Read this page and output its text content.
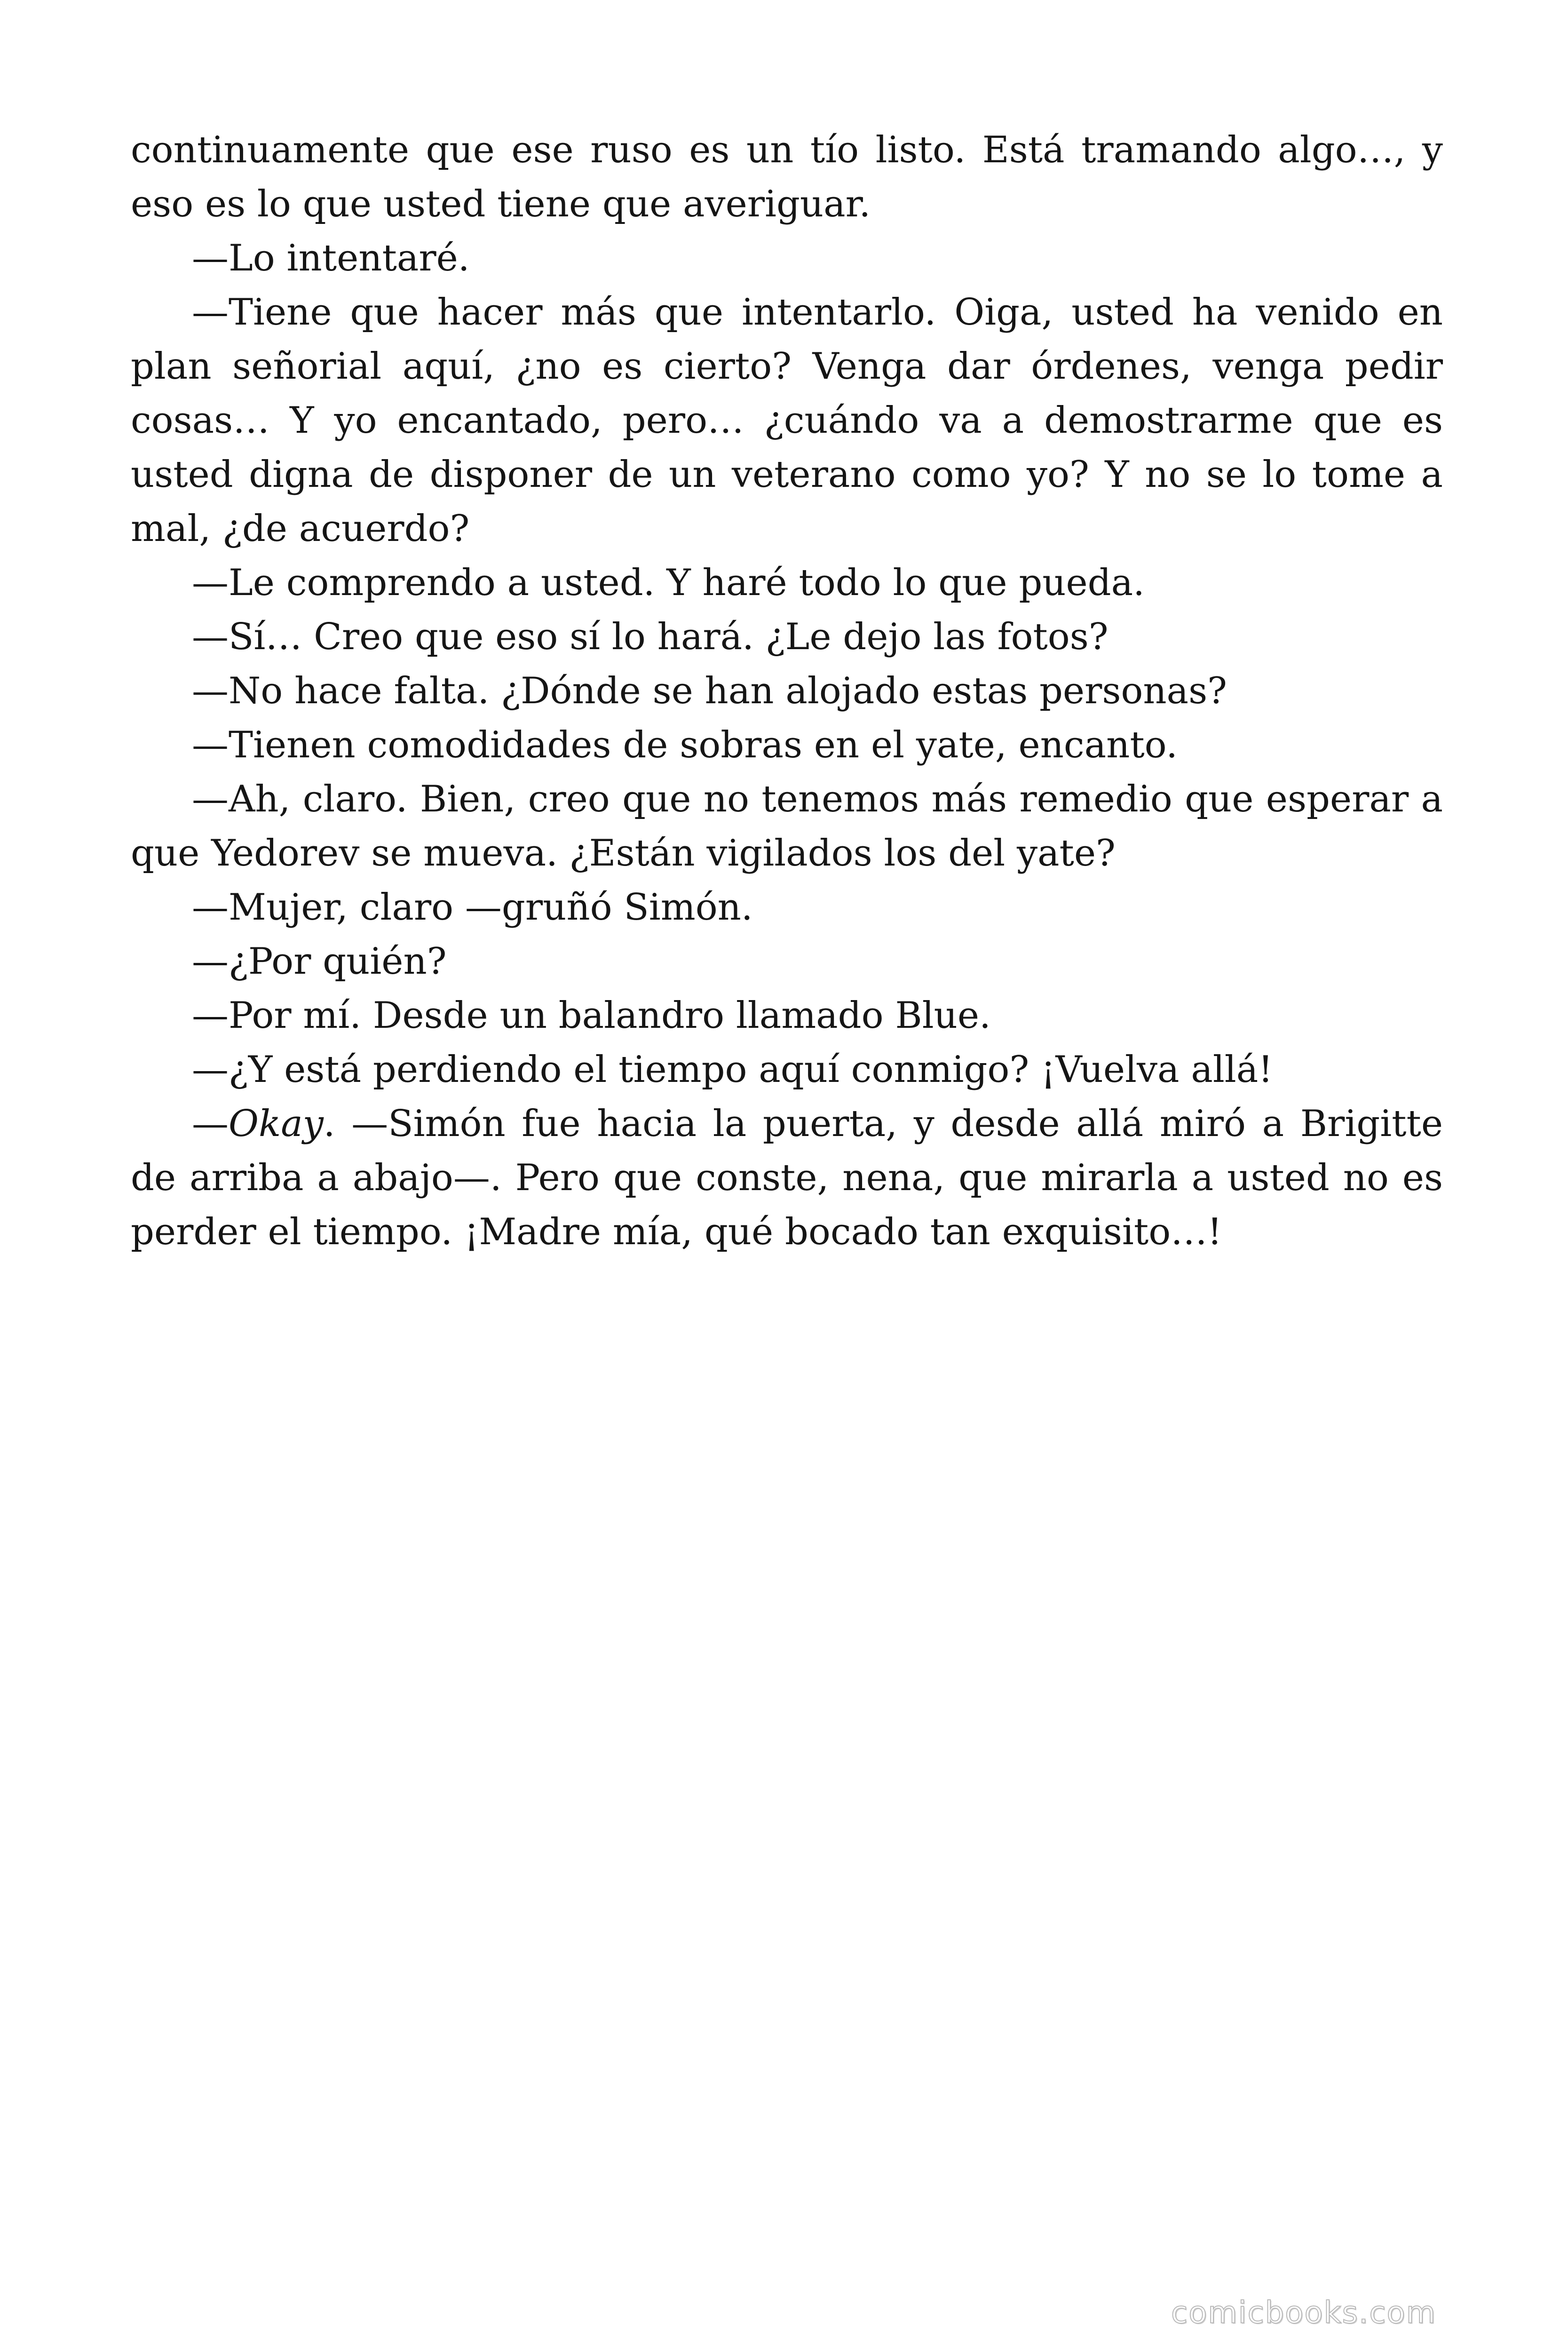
continuamente que ese ruso es un tío listo. Está tramando algo…, y eso es lo que usted tiene que averiguar.

—Lo intentaré.

—Tiene que hacer más que intentarlo. Oiga, usted ha venido en plan señorial aquí, ¿no es cierto? Venga dar órdenes, venga pedir cosas… Y yo encantado, pero… ¿cuándo va a demostrarme que es usted digna de disponer de un veterano como yo? Y no se lo tome a mal, ¿de acuerdo?

—Le comprendo a usted. Y haré todo lo que pueda.

—Sí… Creo que eso sí lo hará. ¿Le dejo las fotos?

—No hace falta. ¿Dónde se han alojado estas personas?

—Tienen comodidades de sobras en el yate, encanto.

—Ah, claro. Bien, creo que no tenemos más remedio que esperar a que Yedorev se mueva. ¿Están vigilados los del yate?

—Mujer, claro —gruñó Simón.

—¿Por quién?

—Por mí. Desde un balandro llamado Blue.

—¿Y está perdiendo el tiempo aquí conmigo? ¡Vuelva allá!

—Okay. —Simón fue hacia la puerta, y desde allá miró a Brigitte de arriba a abajo—. Pero que conste, nena, que mirarla a usted no es perder el tiempo. ¡Madre mía, qué bocado tan exquisito…!

comicbooks.com
